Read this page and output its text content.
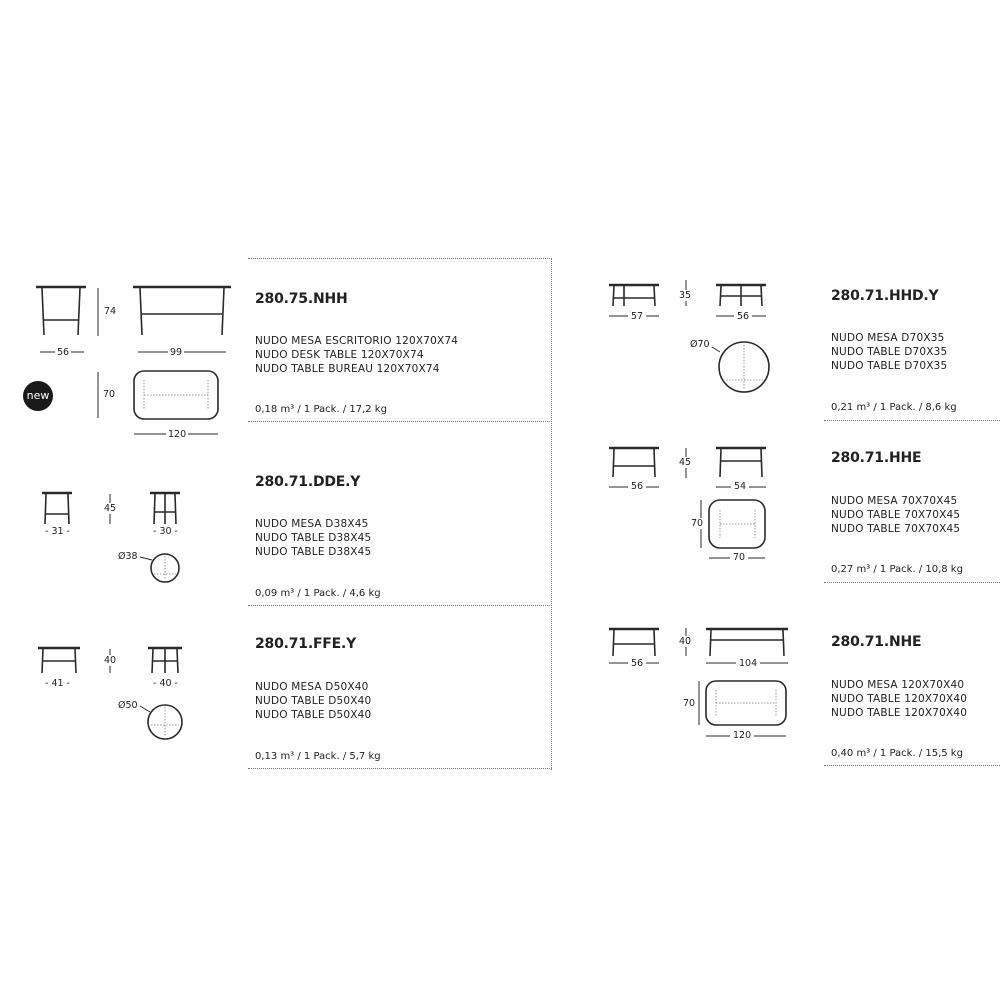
74
56	99
70
120
new
280.75.NHH
NUDO MESA ESCRITORIO 120X70X74
NUDO DESK TABLE 120X70X74
NUDO TABLE BUREAU 120X70X74
0,18 m³ / 1 Pack. / 17,2 kg
45
- 31 -	- 30 -
Ø38
280.71.DDE.Y
NUDO MESA D38X45
NUDO TABLE D38X45
NUDO TABLE D38X45
0,09 m³ / 1 Pack. / 4,6 kg
40
- 41 -	- 40 -
Ø50
280.71.FFE.Y
NUDO MESA D50X40
NUDO TABLE D50X40
NUDO TABLE D50X40
0,13 m³ / 1 Pack. / 5,7 kg
35
57	56
Ø70
280.71.HHD.Y
NUDO MESA D70X35
NUDO TABLE D70X35
NUDO TABLE D70X35
0,21 m³ / 1 Pack. / 8,6 kg
45
56	54
70
70
280.71.HHE
NUDO MESA 70X70X45
NUDO TABLE 70X70X45
NUDO TABLE 70X70X45
0,27 m³ / 1 Pack. / 10,8 kg
40
56	104
70
120
280.71.NHE
NUDO MESA 120X70X40
NUDO TABLE 120X70X40
NUDO TABLE 120X70X40
0,40 m³ / 1 Pack. / 15,5 kg
